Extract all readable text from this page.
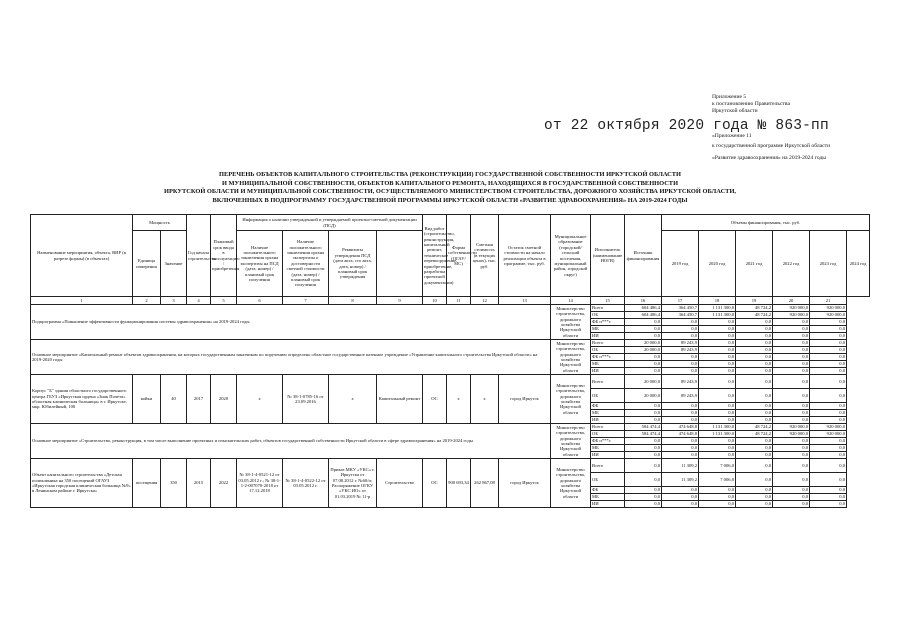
Приложение 5
к постановлению Правительства
Иркутской области
от 22 октября 2020 года № 863-пп
«Приложение 11
к государственной программе Иркутской области
«Развитие здравоохранения» на 2019-2024 годы
ПЕРЕЧЕНЬ ОБЪЕКТОВ КАПИТАЛЬНОГО СТРОИТЕЛЬСТВА (РЕКОНСТРУКЦИИ) ГОСУДАРСТВЕННОЙ СОБСТВЕННОСТИ ИРКУТСКОЙ ОБЛАСТИ
И МУНИЦИПАЛЬНОЙ СОБСТВЕННОСТИ, ОБЪЕКТОВ КАПИТАЛЬНОГО РЕМОНТА, НАХОДЯЩИХСЯ В ГОСУДАРСТВЕННОЙ СОБСТВЕННОСТИ
ИРКУТСКОЙ ОБЛАСТИ И МУНИЦИПАЛЬНОЙ СОБСТВЕННОСТИ, ОСУЩЕСТВЛЯЕМОГО МИНИСТЕРСТВОМ СТРОИТЕЛЬСТВА, ДОРОЖНОГО ХОЗЯЙСТВА ИРКУТСКОЙ ОБЛАСТИ,
ВКЛЮЧЕННЫХ В ПОДПРОГРАММУ ГОСУДАРСТВЕННОЙ ПРОГРАММЫ ИРКУТСКОЙ ОБЛАСТИ «РАЗВИТИЕ ЗДРАВООХРАНЕНИЯ» НА 2019-2024 ГОДЫ
Наименование мероприятия, объекта, ВИР (в разрезе формы) (в объектах)	Мощность		Год начала строительства	Плановый срок ввода в эксплуатацию / приобретения	Информация о наличии утвержденной и утверждаемой проектно-сметной документации (ПСД)				Вид работ (строительство, реконструкция, капитальный ремонт, техническое перевооружение, приобретение, разработка проектной документации)	Форма собственности (ОГАУ/МС)	Сметная стоимость (в текущих ценах), тыс. руб.	Остаток сметной стоимости на начало реализации объекта в программе, тыс. руб.	Муниципальное образование (городской/сельский поселения, муниципальный район, городской округ)	Исполнитель (наименование ИОГВ)	Источник финансирования	Объемы финансирования, тыс. руб.					
	Единица измерения	Значение			Наличие положительного заключения органа экспертизы на ПСД (дата, номер) / плановый срок получения	Наличие положительного заключения органа экспертизы о достоверности сметной стоимости (дата, номер) / плановый срок получения	Реквизиты утверждения ПСД (дата акта, сто акта, дата, номер) / плановый срок утверждения									2019 год	2020 год	2021 год	2022 год	2023 год	2024 год
1	2	3	4	5	6	7	8	9	10	11	12	13	14	15	16	17	18	19	20	21	
Подпрограмма «Повышение эффективности функционирования системы здравоохранения» на 2019-2024 годы													Министерство строительства, дорожного хозяйства Иркутской области	Всего	604 486,4	364 450,7	1 131 300,0	48 724,2	920 000,0	920 000,0	
														ОБ	604 486,4	364 450,7	1 131 300,0	48 724,2	920 000,0	920 000,0	
														ФБ п***с	0,0	0,0	0,0	0,0	0,0	0,0	
														МБ	0,0	0,0	0,0	0,0	0,0	0,0	
														ИИ	0,0	0,0	0,0	0,0	0,0	0,0	
Основное мероприятие «Капитальный ремонт объектов здравоохранения, на которых государственным заказчиком по поручению определено областное государственное казенное учреждение «Управление капитального строительства Иркутской области» на 2019-2020 годы													Министерство строительства, дорожного хозяйства Иркутской области	Всего	20 000,0	89 243,9	0,0	0,0	0,0	0,0	
														ОБ	20 000,0	89 243,9	0,0	0,0	0,0	0,0	
														ФБ п***с	0,0	0,0	0,0	0,0	0,0	0,0	
														МБ	0,0	0,0	0,0	0,0	0,0	0,0	
														ИИ	0,0	0,0	0,0	0,0	0,0	0,0	
Корпус "Б" здания областного государственного центра ГБУЗ «Иркутская ордена «Знак Почета» областная клиническая больница» в г. Иркутске, мкр. Юбилейный, 100	койки	40	2017	2020	х	№ 38-1-0785-16 от 23.09.2016	х	Капитальный ремонт	ОС	х	х	город Иркутск	Министерство строительства, дорожного хозяйства Иркутской области	Всего	20 000,0	89 243,9	0,0	0,0	0,0	0,0	
														ОБ	20 000,0	89 243,9	0,0	0,0	0,0	0,0	
														ФБ	0,0	0,0	0,0	0,0	0,0	0,0	
														МБ	0,0	0,0	0,0	0,0	0,0	0,0	
														ИИ	0,0	0,0	0,0	0,0	0,0	0,0	
Основное мероприятие «Строительство, реконструкция, в том числе выполнение проектных и изыскательских работ, объектов государственной собственности Иркутской области в сфере здравоохранения» на 2019-2024 годы													Министерство строительства, дорожного хозяйства Иркутской области	Всего	584 474,4	474 648,8	1 131 300,0	48 724,2	920 000,0	920 000,0	
														ОБ	584 474,4	474 648,8	1 131 300,0	48 724,2	920 000,0	920 000,0	
														ФБ п***с	0,0	0,0	0,0	0,0	0,0	0,0	
														МБ	0,0	0,0	0,0	0,0	0,0	0,0	
														ИИ	0,0	0,0	0,0	0,0	0,0	0,0	
Объект капитального строительства «Детская поликлиника на 350 посещений ОГАУЗ «Иркутская городская клиническая больница №9» в Ленинском районе г. Иркутска»	посещения	350	2015	2022	№ 38-1-4-0521-12 от 03.05.2012 г.; № 38-1-1-2-007070-2018 от 17.12.2018	№ 38-1-4-0522-12 от 03.05.2012 г.	Приказ МКУ «УКС» г. Иркутска от 07.08.2012 г. №60/п; Распоряжение ОГКУ «УКС ИО» от 01.03.2019 № 11-р	Строительство	ОС	900 693,34	262 867,08	город Иркутск	Министерство строительства, дорожного хозяйства Иркутской области	Всего	0,0	11 309,2	7 006,0	0,0	0,0	0,0	
														ОБ	0,0	11 309,2	7 006,0	0,0	0,0	0,0	
														ФБ	0,0	0,0	0,0	0,0	0,0	0,0	
														МБ	0,0	0,0	0,0	0,0	0,0	0,0	
														ИИ	0,0	0,0	0,0	0,0	0,0	0,0	
